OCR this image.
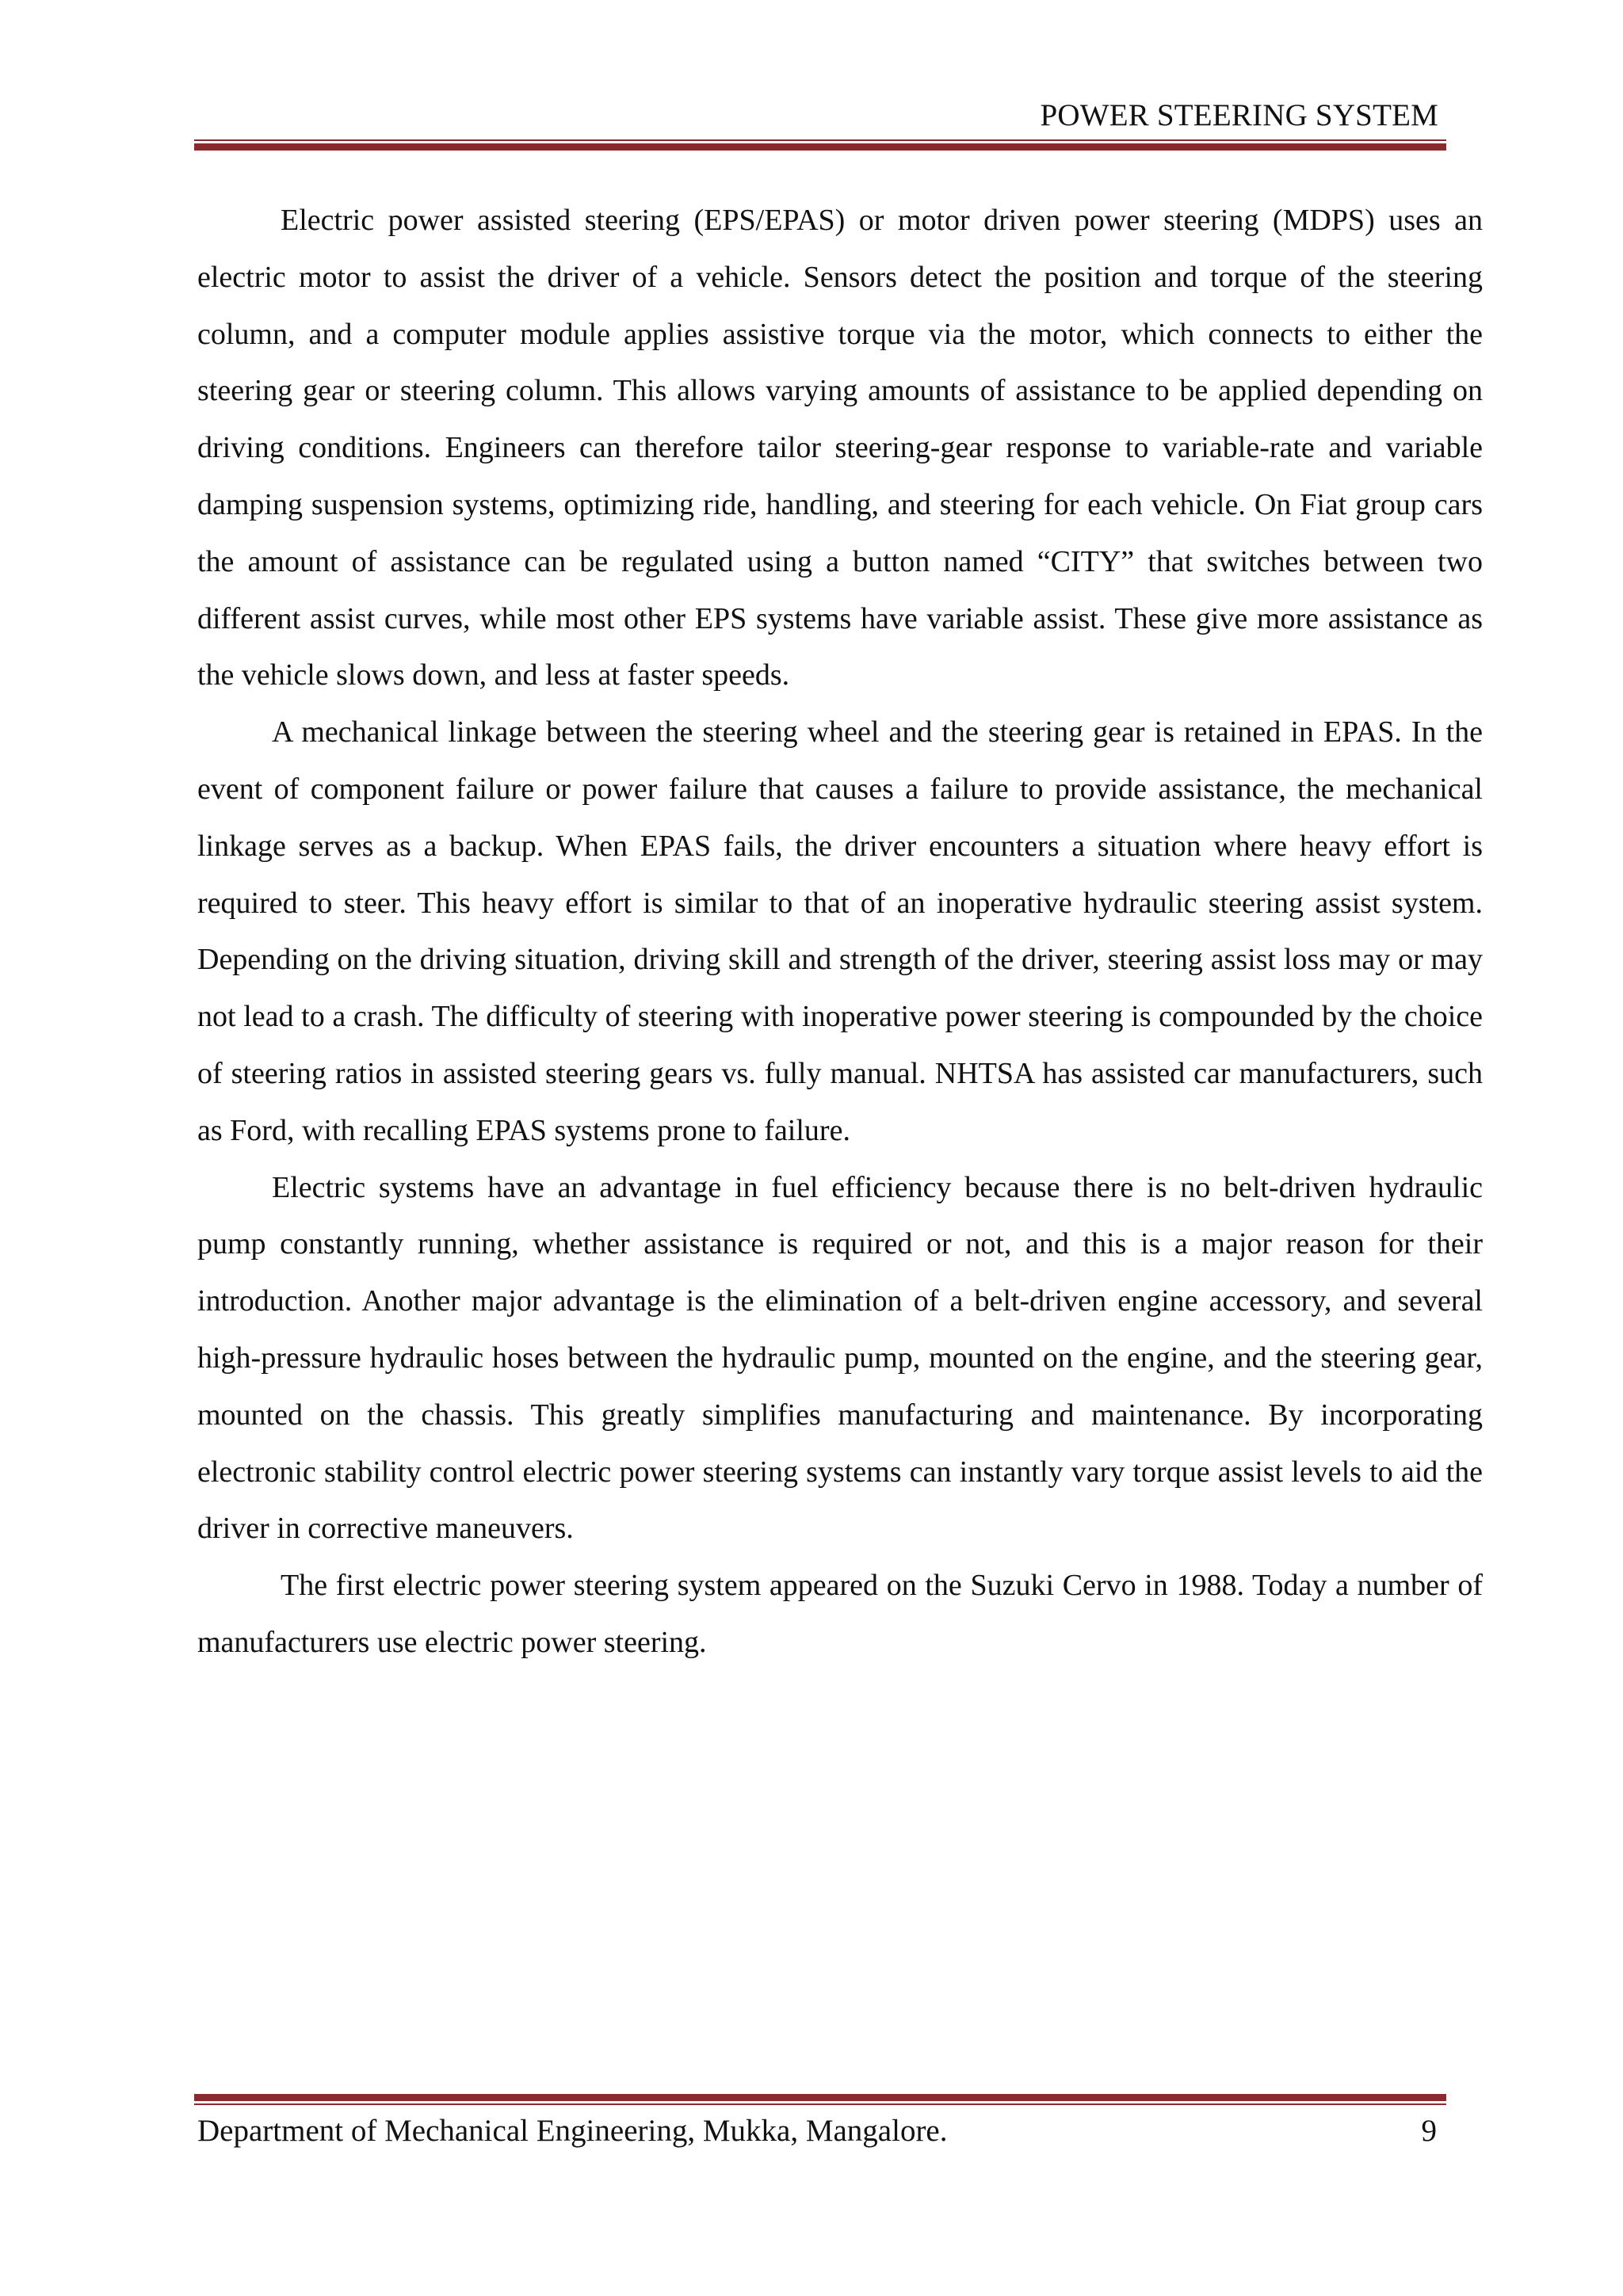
POWER STEERING SYSTEM

Electric power assisted steering (EPS/EPAS) or motor driven power steering (MDPS) uses an electric motor to assist the driver of a vehicle. Sensors detect the position and torque of the steering column, and a computer module applies assistive torque via the motor, which connects to either the steering gear or steering column. This allows varying amounts of assistance to be applied depending on driving conditions. Engineers can therefore tailor steering-gear response to variable-rate and variable damping suspension systems, optimizing ride, handling, and steering for each vehicle. On Fiat group cars the amount of assistance can be regulated using a button named “CITY” that switches between two different assist curves, while most other EPS systems have variable assist. These give more assistance as the vehicle slows down, and less at faster speeds.

A mechanical linkage between the steering wheel and the steering gear is retained in EPAS. In the event of component failure or power failure that causes a failure to provide assistance, the mechanical linkage serves as a backup. When EPAS fails, the driver encounters a situation where heavy effort is required to steer. This heavy effort is similar to that of an inoperative hydraulic steering assist system. Depending on the driving situation, driving skill and strength of the driver, steering assist loss may or may not lead to a crash. The difficulty of steering with inoperative power steering is compounded by the choice of steering ratios in assisted steering gears vs. fully manual. NHTSA has assisted car manufacturers, such as Ford, with recalling EPAS systems prone to failure.

Electric systems have an advantage in fuel efficiency because there is no belt-driven hydraulic pump constantly running, whether assistance is required or not, and this is a major reason for their introduction. Another major advantage is the elimination of a belt-driven engine accessory, and several high-pressure hydraulic hoses between the hydraulic pump, mounted on the engine, and the steering gear, mounted on the chassis. This greatly simplifies manufacturing and maintenance. By incorporating electronic stability control electric power steering systems can instantly vary torque assist levels to aid the driver in corrective maneuvers.

The first electric power steering system appeared on the Suzuki Cervo in 1988. Today a number of manufacturers use electric power steering.

Department of Mechanical Engineering, Mukka, Mangalore.	9
